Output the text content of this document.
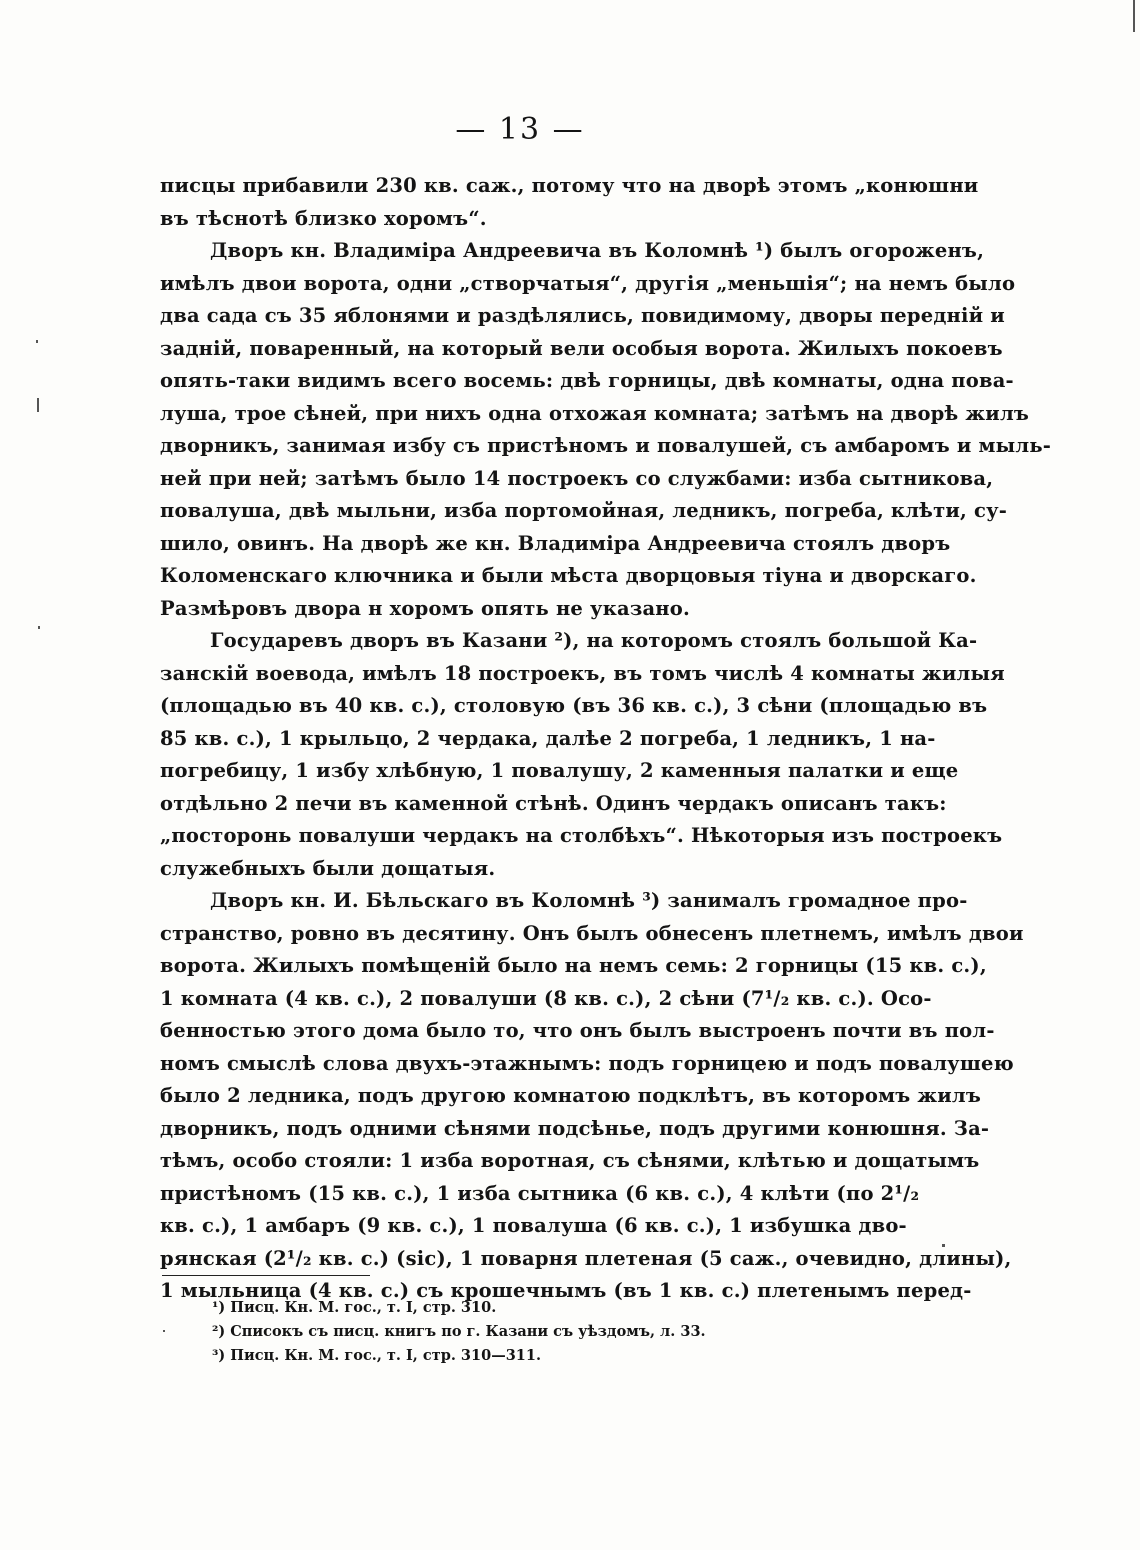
— 13 —
писцы прибавили 230 кв. саж., потому что на дворѣ этомъ „конюшни
въ тѣснотѣ близко хоромъ“.
Дворъ кн. Владиміра Андреевича въ Коломнѣ ¹) былъ огороженъ,
имѣлъ двои ворота, одни „створчатыя“, другія „меньшія“; на немъ было
два сада съ 35 яблонями и раздѣлялись, повидимому, дворы передній и
задній, поваренный, на который вели особыя ворота. Жилыхъ покоевъ
опять-таки видимъ всего восемь: двѣ горницы, двѣ комнаты, одна пова-
луша, трое сѣней, при нихъ одна отхожая комната; затѣмъ на дворѣ жилъ
дворникъ, занимая избу съ пристѣномъ и повалушей, съ амбаромъ и мыль-
ней при ней; затѣмъ было 14 построекъ со службами: изба сытникова,
повалуша, двѣ мыльни, изба портомойная, ледникъ, погреба, клѣти, су-
шило, овинъ. На дворѣ же кн. Владиміра Андреевича стоялъ дворъ
Коломенскаго ключника и были мѣста дворцовыя тіуна и дворскаго.
Размѣровъ двора н хоромъ опять не указано.
Государевъ дворъ въ Казани ²), на которомъ стоялъ большой Ка-
занскій воевода, имѣлъ 18 построекъ, въ томъ числѣ 4 комнаты жилыя
(площадью въ 40 кв. с.), столовую (въ 36 кв. с.), 3 сѣни (площадью въ
85 кв. с.), 1 крыльцо, 2 чердака, далѣе 2 погреба, 1 ледникъ, 1 на-
погребицу, 1 избу хлѣбную, 1 повалушу, 2 каменныя палатки и еще
отдѣльно 2 печи въ каменной стѣнѣ. Одинъ чердакъ описанъ такъ:
„посторонь повалуши чердакъ на столбѣхъ“. Нѣкоторыя изъ построекъ
служебныхъ были дощатыя.
Дворъ кн. И. Бѣльскаго въ Коломнѣ ³) занималъ громадное про-
странство, ровно въ десятину. Онъ былъ обнесенъ плетнемъ, имѣлъ двои
ворота. Жилыхъ помѣщеній было на немъ семь: 2 горницы (15 кв. с.),
1 комната (4 кв. с.), 2 повалуши (8 кв. с.), 2 сѣни (7¹/₂ кв. с.). Осо-
бенностью этого дома было то, что онъ былъ выстроенъ почти въ пол-
номъ смыслѣ слова двухъ-этажнымъ: подъ горницею и подъ повалушею
было 2 ледника, подъ другою комнатою подклѣтъ, въ которомъ жилъ
дворникъ, подъ одними сѣнями подсѣнье, подъ другими конюшня. За-
тѣмъ, особо стояли: 1 изба воротная, съ сѣнями, клѣтью и дощатымъ
пристѣномъ (15 кв. с.), 1 изба сытника (6 кв. с.), 4 клѣти (по 2¹/₂
кв. с.), 1 амбаръ (9 кв. с.), 1 повалуша (6 кв. с.), 1 избушка дво-
рянская (2¹/₂ кв. с.) (sic), 1 поварня плетеная (5 саж., очевидно, длины),
1 мыльница (4 кв. с.) съ крошечнымъ (въ 1 кв. с.) плетенымъ перед-
¹) Писц. Кн. М. гос., т. I, стр. 310.
²) Списокъ съ писц. книгъ по г. Казани съ уѣздомъ, л. 33.
³) Писц. Кн. М. гос., т. I, стр. 310—311.
